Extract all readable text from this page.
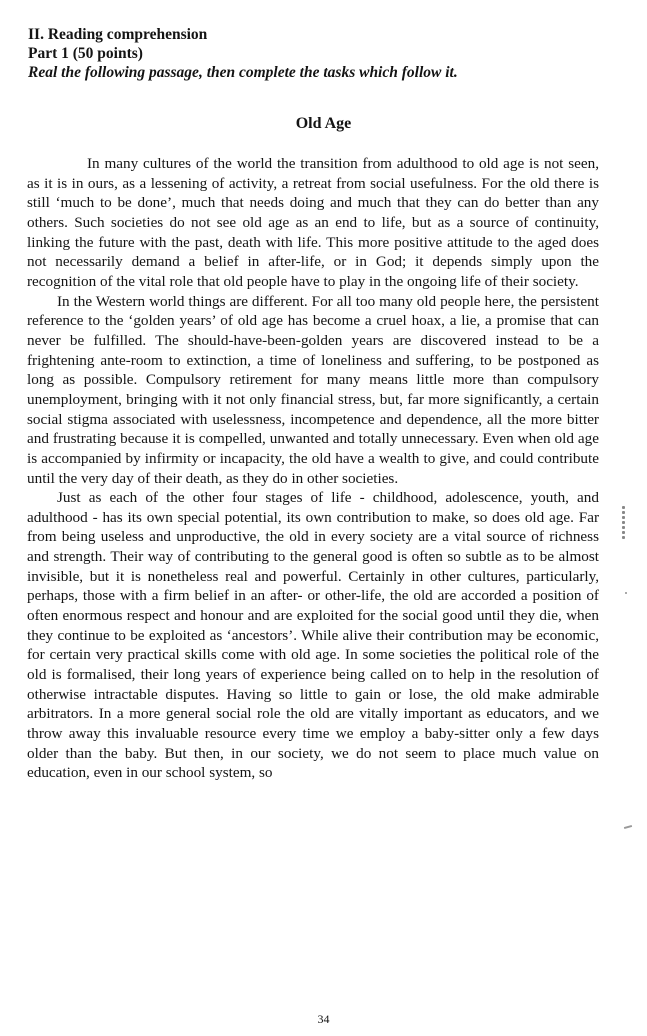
II. Reading comprehension
Part 1 (50 points)
Real the following passage, then complete the tasks which follow it.
Old Age

In many cultures of the world the transition from adulthood to old age is not seen, as it is in ours, as a lessening of activity, a retreat from social usefulness. For the old there is still ‘much to be done’, much that needs doing and much that they can do better than any others. Such societies do not see old age as an end to life, but as a source of continuity, linking the future with the past, death with life. This more positive attitude to the aged does not necessarily demand a belief in after-life, or in God; it depends simply upon the recognition of the vital role that old people have to play in the ongoing life of their society.

In the Western world things are different. For all too many old people here, the persistent reference to the ‘golden years’ of old age has become a cruel hoax, a lie, a promise that can never be fulfilled. The should-have-been-golden years are discovered instead to be a frightening ante-room to extinction, a time of loneliness and suffering, to be postponed as long as possible. Compulsory retirement for many means little more than compulsory unemployment, bringing with it not only financial stress, but, far more significantly, a certain social stigma associated with uselessness, incompetence and dependence, all the more bitter and frustrating because it is compelled, unwanted and totally unnecessary. Even when old age is accompanied by infirmity or incapacity, the old have a wealth to give, and could contribute until the very day of their death, as they do in other societies.

Just as each of the other four stages of life - childhood, adolescence, youth, and adulthood - has its own special potential, its own contribution to make, so does old age. Far from being useless and unproductive, the old in every society are a vital source of richness and strength. Their way of contributing to the general good is often so subtle as to be almost invisible, but it is nonetheless real and powerful. Certainly in other cultures, particularly, perhaps, those with a firm belief in an after- or other-life, the old are accorded a position of often enormous respect and honour and are exploited for the social good until they die, when they continue to be exploited as ‘ancestors’. While alive their contribution may be economic, for certain very practical skills come with old age. In some societies the political role of the old is formalised, their long years of experience being called on to help in the resolution of otherwise intractable disputes. Having so little to gain or lose, the old make admirable arbitrators. In a more general social role the old are vitally important as educators, and we throw away this invaluable resource every time we employ a baby-sitter only a few days older than the baby. But then, in our society, we do not seem to place much value on education, even in our school system, so

34
